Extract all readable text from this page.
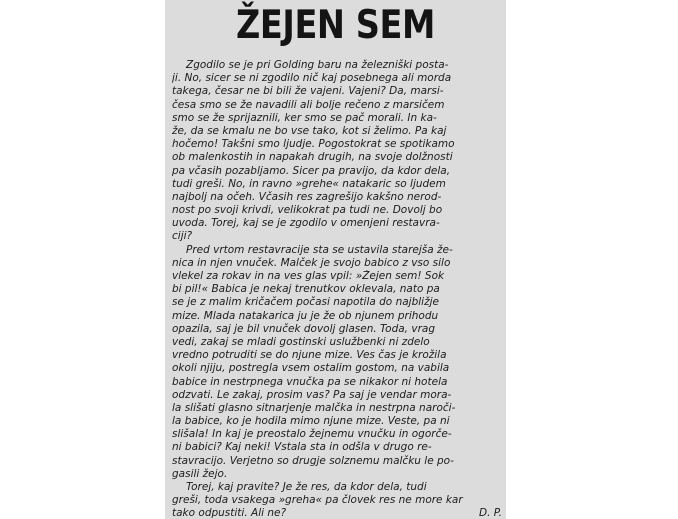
ŽEJEN SEM
Zgodilo se je pri Golding baru na železniški posta-
ji. No, sicer se ni zgodilo nič kaj posebnega ali morda
takega, česar ne bi bili že vajeni. Vajeni? Da, marsi-
česa smo se že navadili ali bolje rečeno z marsičem
smo se že sprijaznili, ker smo se pač morali. In ka-
že, da se kmalu ne bo vse tako, kot si želimo. Pa kaj
hočemo! Takšni smo ljudje. Pogostokrat se spotikamo
ob malenkostih in napakah drugih, na svoje dolžnosti
pa včasih pozabljamo. Sicer pa pravijo, da kdor dela,
tudi greši. No, in ravno »grehe« natakaric so ljudem
najbolj na očeh. Včasih res zagrešijo kakšno nerod-
nost po svoji krivdi, velikokrat pa tudi ne. Dovolj bo
uvoda. Torej, kaj se je zgodilo v omenjeni restavra-
ciji?
Pred vrtom restavracije sta se ustavila starejša že-
nica in njen vnuček. Malček je svojo babico z vso silo
vlekel za rokav in na ves glas vpil: »Žejen sem! Sok
bi pil!« Babica je nekaj trenutkov oklevala, nato pa
se je z malim kričačem počasi napotila do najbližje
mize. Mlada natakarica ju je že ob njunem prihodu
opazila, saj je bil vnuček dovolj glasen. Toda, vrag
vedi, zakaj se mladi gostinski uslužbenki ni zdelo
vredno potruditi se do njune mize. Ves čas je krožila
okoli njiju, postregla vsem ostalim gostom, na vabila
babice in nestrpnega vnučka pa se nikakor ni hotela
odzvati. Le zakaj, prosim vas? Pa saj je vendar mora-
la slišati glasno sitnarjenje malčka in nestrpna naroči-
la babice, ko je hodila mimo njune mize. Veste, pa ni
slišala! In kaj je preostalo žejnemu vnučku in ogorče-
ni babici? Kaj neki! Vstala sta in odšla v drugo re-
stavracijo. Verjetno so drugje solznemu malčku le po-
gasili žejo.
Torej, kaj pravite? Je že res, da kdor dela, tudi
greši, toda vsakega »greha« pa človek res ne more kar
tako odpustiti. Ali ne?	D. P.
